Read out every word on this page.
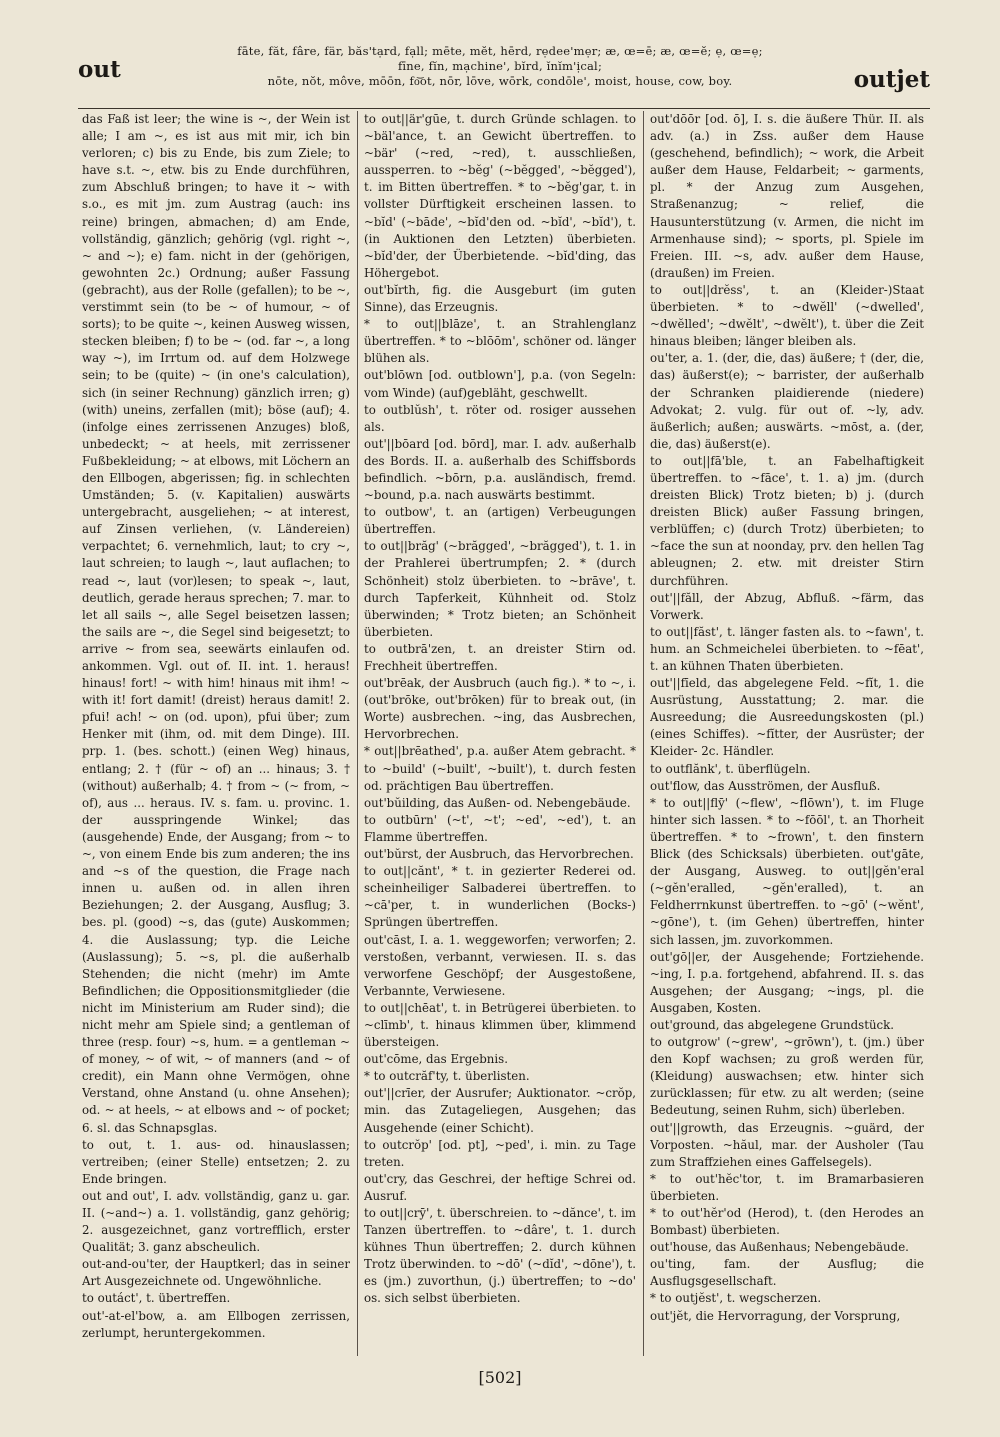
out
fāte, făt, fâre, fär, băs'tạrd, fạll; mēte, mĕt, hērd, rẹdee'mẹr; æ, œ=ē; æ, œ=ĕ; ẹ, œ=ẹ;
fīne, fĭn, mạchine', bĭrd, ĭnĭm'ịcal;
nōte, nŏt, môve, mōōn, fo͝ot, nōr, lōve, wōrk, condōle', moist, house, cow, boy.	outjet

das Faß ist leer; the wine is ~, der Wein ist alle; I am ~, es ist aus mit mir, ich bin verloren; c) bis zu Ende, bis zum Ziele; to have s.t. ~, etw. bis zu Ende durchführen, zum Abschluß bringen; to have it ~ with s.o., es mit jm. zum Austrag (auch: ins reine) bringen, abmachen; d) am Ende, vollständig, gänzlich; gehörig (vgl. right ~, ~ and ~); e) fam. nicht in der (gehörigen, gewohnten 2c.) Ordnung; außer Fassung (gebracht), aus der Rolle (gefallen); to be ~, verstimmt sein (to be ~ of humour, ~ of sorts); to be quite ~, keinen Ausweg wissen, stecken bleiben; f) to be ~ (od. far ~, a long way ~), im Irrtum od. auf dem Holzwege sein; to be (quite) ~ (in one's calculation), sich (in seiner Rechnung) gänzlich irren; g) (with) uneins, zerfallen (mit); böse (auf); 4. (infolge eines zerrissenen Anzuges) bloß, unbedeckt; ~ at heels, mit zerrissener Fußbekleidung; ~ at elbows, mit Löchern an den Ellbogen, abgerissen; fig. in schlechten Umständen; 5. (v. Kapitalien) auswärts untergebracht, ausgeliehen; ~ at interest, auf Zinsen verliehen, (v. Ländereien) verpachtet; 6. vernehmlich, laut; to cry ~, laut schreien; to laugh ~, laut auflachen; to read ~, laut (vor)lesen; to speak ~, laut, deutlich, gerade heraus sprechen; 7. mar. to let all sails ~, alle Segel beisetzen lassen; the sails are ~, die Segel sind beigesetzt; to arrive ~ from sea, seewärts einlaufen od. ankommen. Vgl. out of. II. int. 1. heraus! hinaus! fort! ~ with him! hinaus mit ihm! ~ with it! fort damit! (dreist) heraus damit! 2. pfui! ach! ~ on (od. upon), pfui über; zum Henker mit (ihm, od. mit dem Dinge). III. prp. 1. (bes. schott.) (einen Weg) hinaus, entlang; 2. † (für ~ of) an ... hinaus; 3. † (without) außerhalb; 4. † from ~ (~ from, ~ of), aus ... heraus. IV. s. fam. u. provinc. 1. der ausspringende Winkel; das (ausgehende) Ende, der Ausgang; from ~ to ~, von einem Ende bis zum anderen; the ins and ~s of the question, die Frage nach innen u. außen od. in allen ihren Beziehungen; 2. der Ausgang, Ausflug; 3. bes. pl. (good) ~s, das (gute) Auskommen; 4. die Auslassung; typ. die Leiche (Auslassung); 5. ~s, pl. die außerhalb Stehenden; die nicht (mehr) im Amte Befindlichen; die Oppositionsmitglieder (die nicht im Ministerium am Ruder sind); die nicht mehr am Spiele sind; a gentleman of three (resp. four) ~s, hum. = a gentleman ~ of money, ~ of wit, ~ of manners (and ~ of credit), ein Mann ohne Vermögen, ohne Verstand, ohne Anstand (u. ohne Ansehen); od. ~ at heels, ~ at elbows and ~ of pocket; 6. sl. das Schnapsglas.

to out, t. 1. aus- od. hinauslassen; vertreiben; (einer Stelle) entsetzen; 2. zu Ende bringen.

out and out', I. adv. vollständig, ganz u. gar. II. (~and~) a. 1. vollständig, ganz gehörig; 2. ausgezeichnet, ganz vortrefflich, erster Qualität; 3. ganz abscheulich.

out-and-ou'ter, der Hauptkerl; das in seiner Art Ausgezeichnete od. Ungewöhnliche.

to outáct', t. übertreffen.

out'-at-el'bow, a. am Ellbogen zerrissen, zerlumpt, heruntergekommen.

to out||är'gūe, t. durch Gründe schlagen. to ~bäl'ance, t. an Gewicht übertreffen. to ~bär' (~red, ~red), t. ausschließen, aussperren. to ~bĕg' (~bĕgged', ~bĕgged'), t. im Bitten übertreffen. * to ~bĕg'gar, t. in vollster Dürftigkeit erscheinen lassen. to ~bĭd' (~bāde', ~bĭd'den od. ~bĭd', ~bĭd'), t. (in Auktionen den Letzten) überbieten. ~bĭd'der, der Überbietende. ~bĭd'ding, das Höhergebot.

out'bĭrth, fig. die Ausgeburt (im guten Sinne), das Erzeugnis.

* to out||blāze', t. an Strahlenglanz übertreffen. * to ~blōōm', schöner od. länger blühen als.

out'blōwn [od. outblown'], p.a. (von Segeln: vom Winde) (auf)gebläht, geschwellt.

to outblŭsh', t. röter od. rosiger aussehen als.

out'||bōard [od. bōrd], mar. I. adv. außerhalb des Bords. II. a. außerhalb des Schiffsbords befindlich. ~bōrn, p.a. ausländisch, fremd. ~bound, p.a. nach auswärts bestimmt.

to outbow', t. an (artigen) Verbeugungen übertreffen.

to out||brăg' (~brăgged', ~brăgged'), t. 1. in der Prahlerei übertrumpfen; 2. * (durch Schönheit) stolz überbieten. to ~brāve', t. durch Tapferkeit, Kühnheit od. Stolz überwinden; * Trotz bieten; an Schönheit überbieten.

to outbrā'zen, t. an dreister Stirn od. Frechheit übertreffen.

out'brēak, der Ausbruch (auch fig.). * to ~, i. (out'brōke, out'brōken) für to break out, (in Worte) ausbrechen. ~ing, das Ausbrechen, Hervorbrechen.

* out||brēathed', p.a. außer Atem gebracht. * to ~build' (~built', ~built'), t. durch festen od. prächtigen Bau übertreffen.

out'bŭilding, das Außen- od. Nebengebäude.

to outbūrn' (~t', ~t'; ~ed', ~ed'), t. an Flamme übertreffen.

out'bŭrst, der Ausbruch, das Hervorbrechen.

to out||cănt', * t. in gezierter Rederei od. scheinheiliger Salbaderei übertreffen. to ~cā'per, t. in wunderlichen (Bocks-) Sprüngen übertreffen.

out'cāst, I. a. 1. weggeworfen; verworfen; 2. verstoßen, verbannt, verwiesen. II. s. das verworfene Geschöpf; der Ausgestoßene, Verbannte, Verwiesene.

to out||chēat', t. in Betrügerei überbieten. to ~clīmb', t. hinaus klimmen über, klimmend übersteigen.

out'cōme, das Ergebnis.

* to outcrăf'ty, t. überlisten.

out'||crīer, der Ausrufer; Auktionator. ~crŏp, min. das Zutageliegen, Ausgehen; das Ausgehende (einer Schicht).

to outcrŏp' [od. pt], ~ped', i. min. zu Tage treten.

out'cry, das Geschrei, der heftige Schrei od. Ausruf.

to out||crȳ', t. überschreien. to ~dănce', t. im Tanzen übertreffen. to ~dâre', t. 1. durch kühnes Thun übertreffen; 2. durch kühnen Trotz überwinden. to ~dō' (~dĭd', ~dōne'), t. es (jm.) zuvorthun, (j.) übertreffen; to ~do' os. sich selbst überbieten.

out'dōōr [od. ō], I. s. die äußere Thür. II. als adv. (a.) in Zss. außer dem Hause (geschehend, befindlich); ~ work, die Arbeit außer dem Hause, Feldarbeit; ~ garments, pl. * der Anzug zum Ausgehen, Straßenanzug; ~ relief, die Hausunterstützung (v. Armen, die nicht im Armenhause sind); ~ sports, pl. Spiele im Freien. III. ~s, adv. außer dem Hause, (draußen) im Freien.

to out||drĕss', t. an (Kleider-)Staat überbieten. * to ~dwĕll' (~dwelled', ~dwĕlled'; ~dwĕlt', ~dwĕlt'), t. über die Zeit hinaus bleiben; länger bleiben als.

ou'ter, a. 1. (der, die, das) äußere; † (der, die, das) äußerst(e); ~ barrister, der außerhalb der Schranken plaidierende (niedere) Advokat; 2. vulg. für out of. ~ly, adv. äußerlich; außen; auswärts. ~mōst, a. (der, die, das) äußerst(e).

to out||fā'ble, t. an Fabelhaftigkeit übertreffen. to ~fāce', t. 1. a) jm. (durch dreisten Blick) Trotz bieten; b) j. (durch dreisten Blick) außer Fassung bringen, verblüffen; c) (durch Trotz) überbieten; to ~face the sun at noonday, prv. den hellen Tag ableugnen; 2. etw. mit dreister Stirn durchführen.

out'||făll, der Abzug, Abfluß. ~färm, das Vorwerk.

to out||făst', t. länger fasten als. to ~fawn', t. hum. an Schmeichelei überbieten. to ~fēat', t. an kühnen Thaten überbieten.

out'||fīeld, das abgelegene Feld. ~fĭt, 1. die Ausrüstung, Ausstattung; 2. mar. die Ausreedung; die Ausreedungskosten (pl.) (eines Schiffes). ~fĭtter, der Ausrüster; der Kleider- 2c. Händler.

to outflănk', t. überflügeln.

out'flow, das Ausströmen, der Ausfluß.

* to out||flȳ' (~flew', ~flōwn'), t. im Fluge hinter sich lassen. * to ~fōōl', t. an Thorheit übertreffen. * to ~frown', t. den finstern Blick (des Schicksals) überbieten. out'gāte, der Ausgang, Ausweg. to out||gĕn'eral (~gĕn'eralled, ~gĕn'eralled), t. an Feldherrnkunst übertreffen. to ~gō' (~wĕnt', ~gōne'), t. (im Gehen) übertreffen, hinter sich lassen, jm. zuvorkommen.

out'gō||er, der Ausgehende; Fortziehende. ~ing, I. p.a. fortgehend, abfahrend. II. s. das Ausgehen; der Ausgang; ~ings, pl. die Ausgaben, Kosten.

out'ground, das abgelegene Grundstück.

to outgrow' (~grew', ~grōwn'), t. (jm.) über den Kopf wachsen; zu groß werden für, (Kleidung) auswachsen; etw. hinter sich zurücklassen; für etw. zu alt werden; (seine Bedeutung, seinen Ruhm, sich) überleben.

out'||growth, das Erzeugnis. ~guärd, der Vorposten. ~hăul, mar. der Ausholer (Tau zum Straffziehen eines Gaffelsegels).

* to out'hĕc'tor, t. im Bramarbasieren überbieten.

* to out'hĕr'od (Herod), t. (den Herodes an Bombast) überbieten.

out'house, das Außenhaus; Nebengebäude.

ou'ting, fam. der Ausflug; die Ausflugsgesellschaft.

* to outjĕst', t. wegscherzen.

out'jĕt, die Hervorragung, der Vorsprung,

[502]
